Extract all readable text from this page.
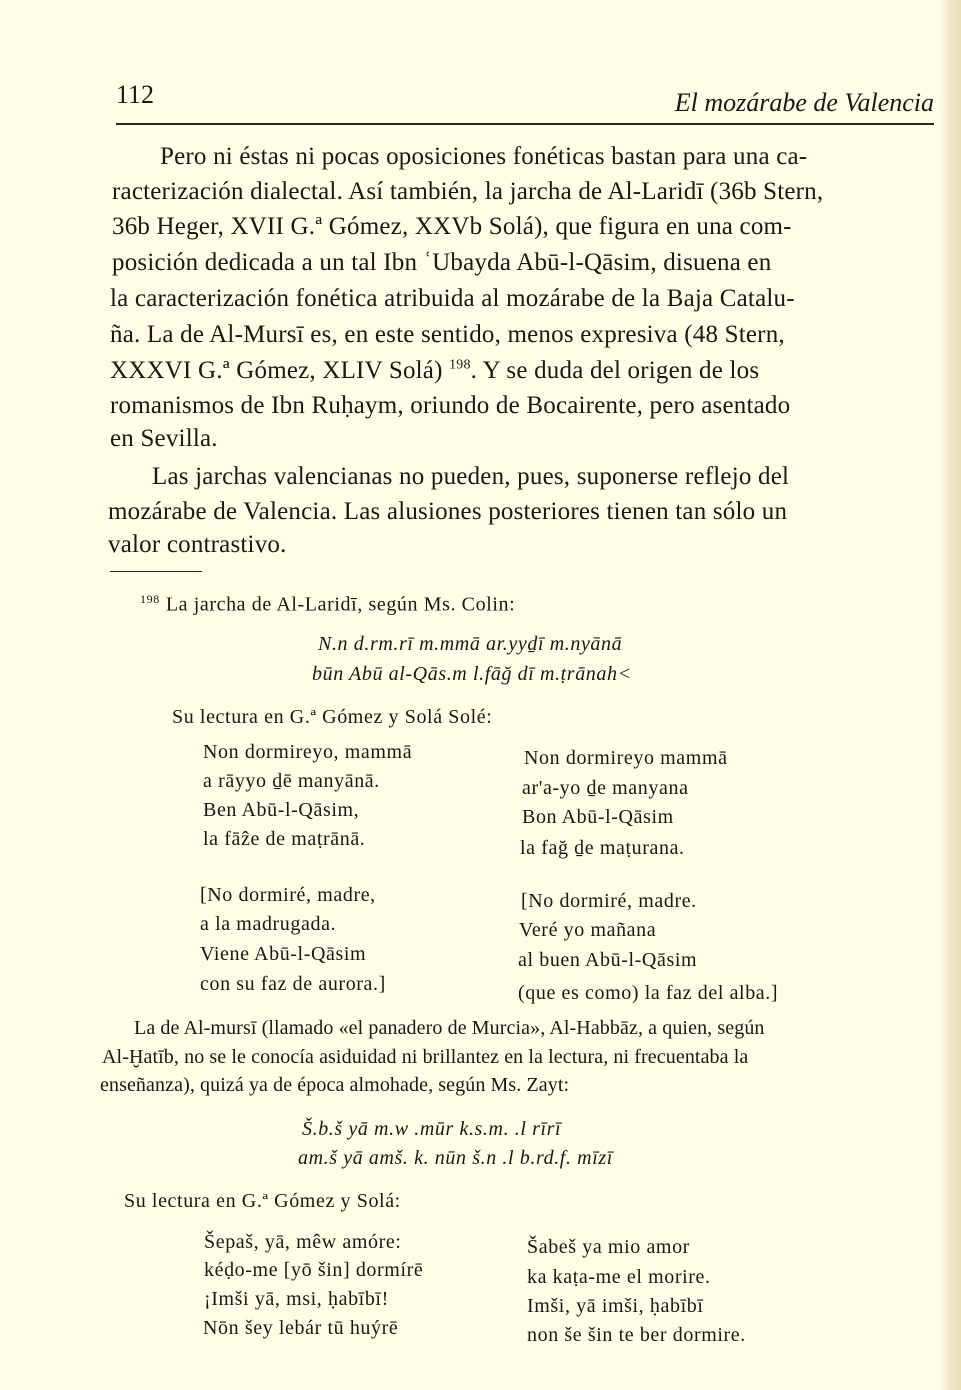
112	El mozárabe de Valencia
Pero ni éstas ni pocas oposiciones fonéticas bastan para una ca-
racterización dialectal. Así también, la jarcha de Al-Laridī (36b Stern,
36b Heger, XVII G.ª Gómez, XXVb Solá), que figura en una com-
posición dedicada a un tal Ibn ʿUbayda Abū-l-Qāsim, disuena en
la caracterización fonética atribuida al mozárabe de la Baja Catalu-
ña. La de Al-Mursī es, en este sentido, menos expresiva (48 Stern,
XXXVI G.ª Gómez, XLIV Solá) $^{198}$. Y se duda del origen de los
romanismos de Ibn Ruḥaym, oriundo de Bocairente, pero asentado
en Sevilla.
Las jarchas valencianas no pueden, pues, suponerse reflejo del
mozárabe de Valencia. Las alusiones posteriores tienen tan sólo un
valor contrastivo.
$^{198}$ La jarcha de Al-Laridī, según Ms. Colin:
N.n d.rm.rī m.mmā ar.yyḏī m.nyānā
būn Abū al-Qās.m l.fāğ dī m.ṭrānah<
Su lectura en G.ª Gómez y Solá Solé:
Non dormireyo, mammā
a rāyyo ḏē manyānā.
Ben Abū-l-Qāsim,
la fāẑe de maṭrānā.
Non dormireyo mammā
ar'a-yo ḏe manyana
Bon Abū-l-Qāsim
la fağ ḏe maṭurana.
[No dormiré, madre,
a la madrugada.
Viene Abū-l-Qāsim
con su faz de aurora.]
[No dormiré, madre.
Veré yo mañana
al buen Abū-l-Qāsim
(que es como) la faz del alba.]
La de Al-mursī (llamado «el panadero de Murcia», Al-Habbāz, a quien, según
Al-Ḫatīb, no se le conocía asiduidad ni brillantez en la lectura, ni frecuentaba la
enseñanza), quizá ya de época almohade, según Ms. Zayt:
Š.b.š yā m.w .mūr k.s.m. .l rīrī
am.š yā amš. k. nūn š.n .l b.rd.f. mīzī
Su lectura en G.ª Gómez y Solá:
Šepaš, yā, mêw amóre:
kéḍo-me [yō šin] dormírē
¡Imši yā, msi, ḥabībī!
Nōn šey lebár tū huýrē
Šabeš ya mio amor
ka kaṭa-me el morire.
Imši, yā imši, ḥabībī
non še šin te ber dormire.
